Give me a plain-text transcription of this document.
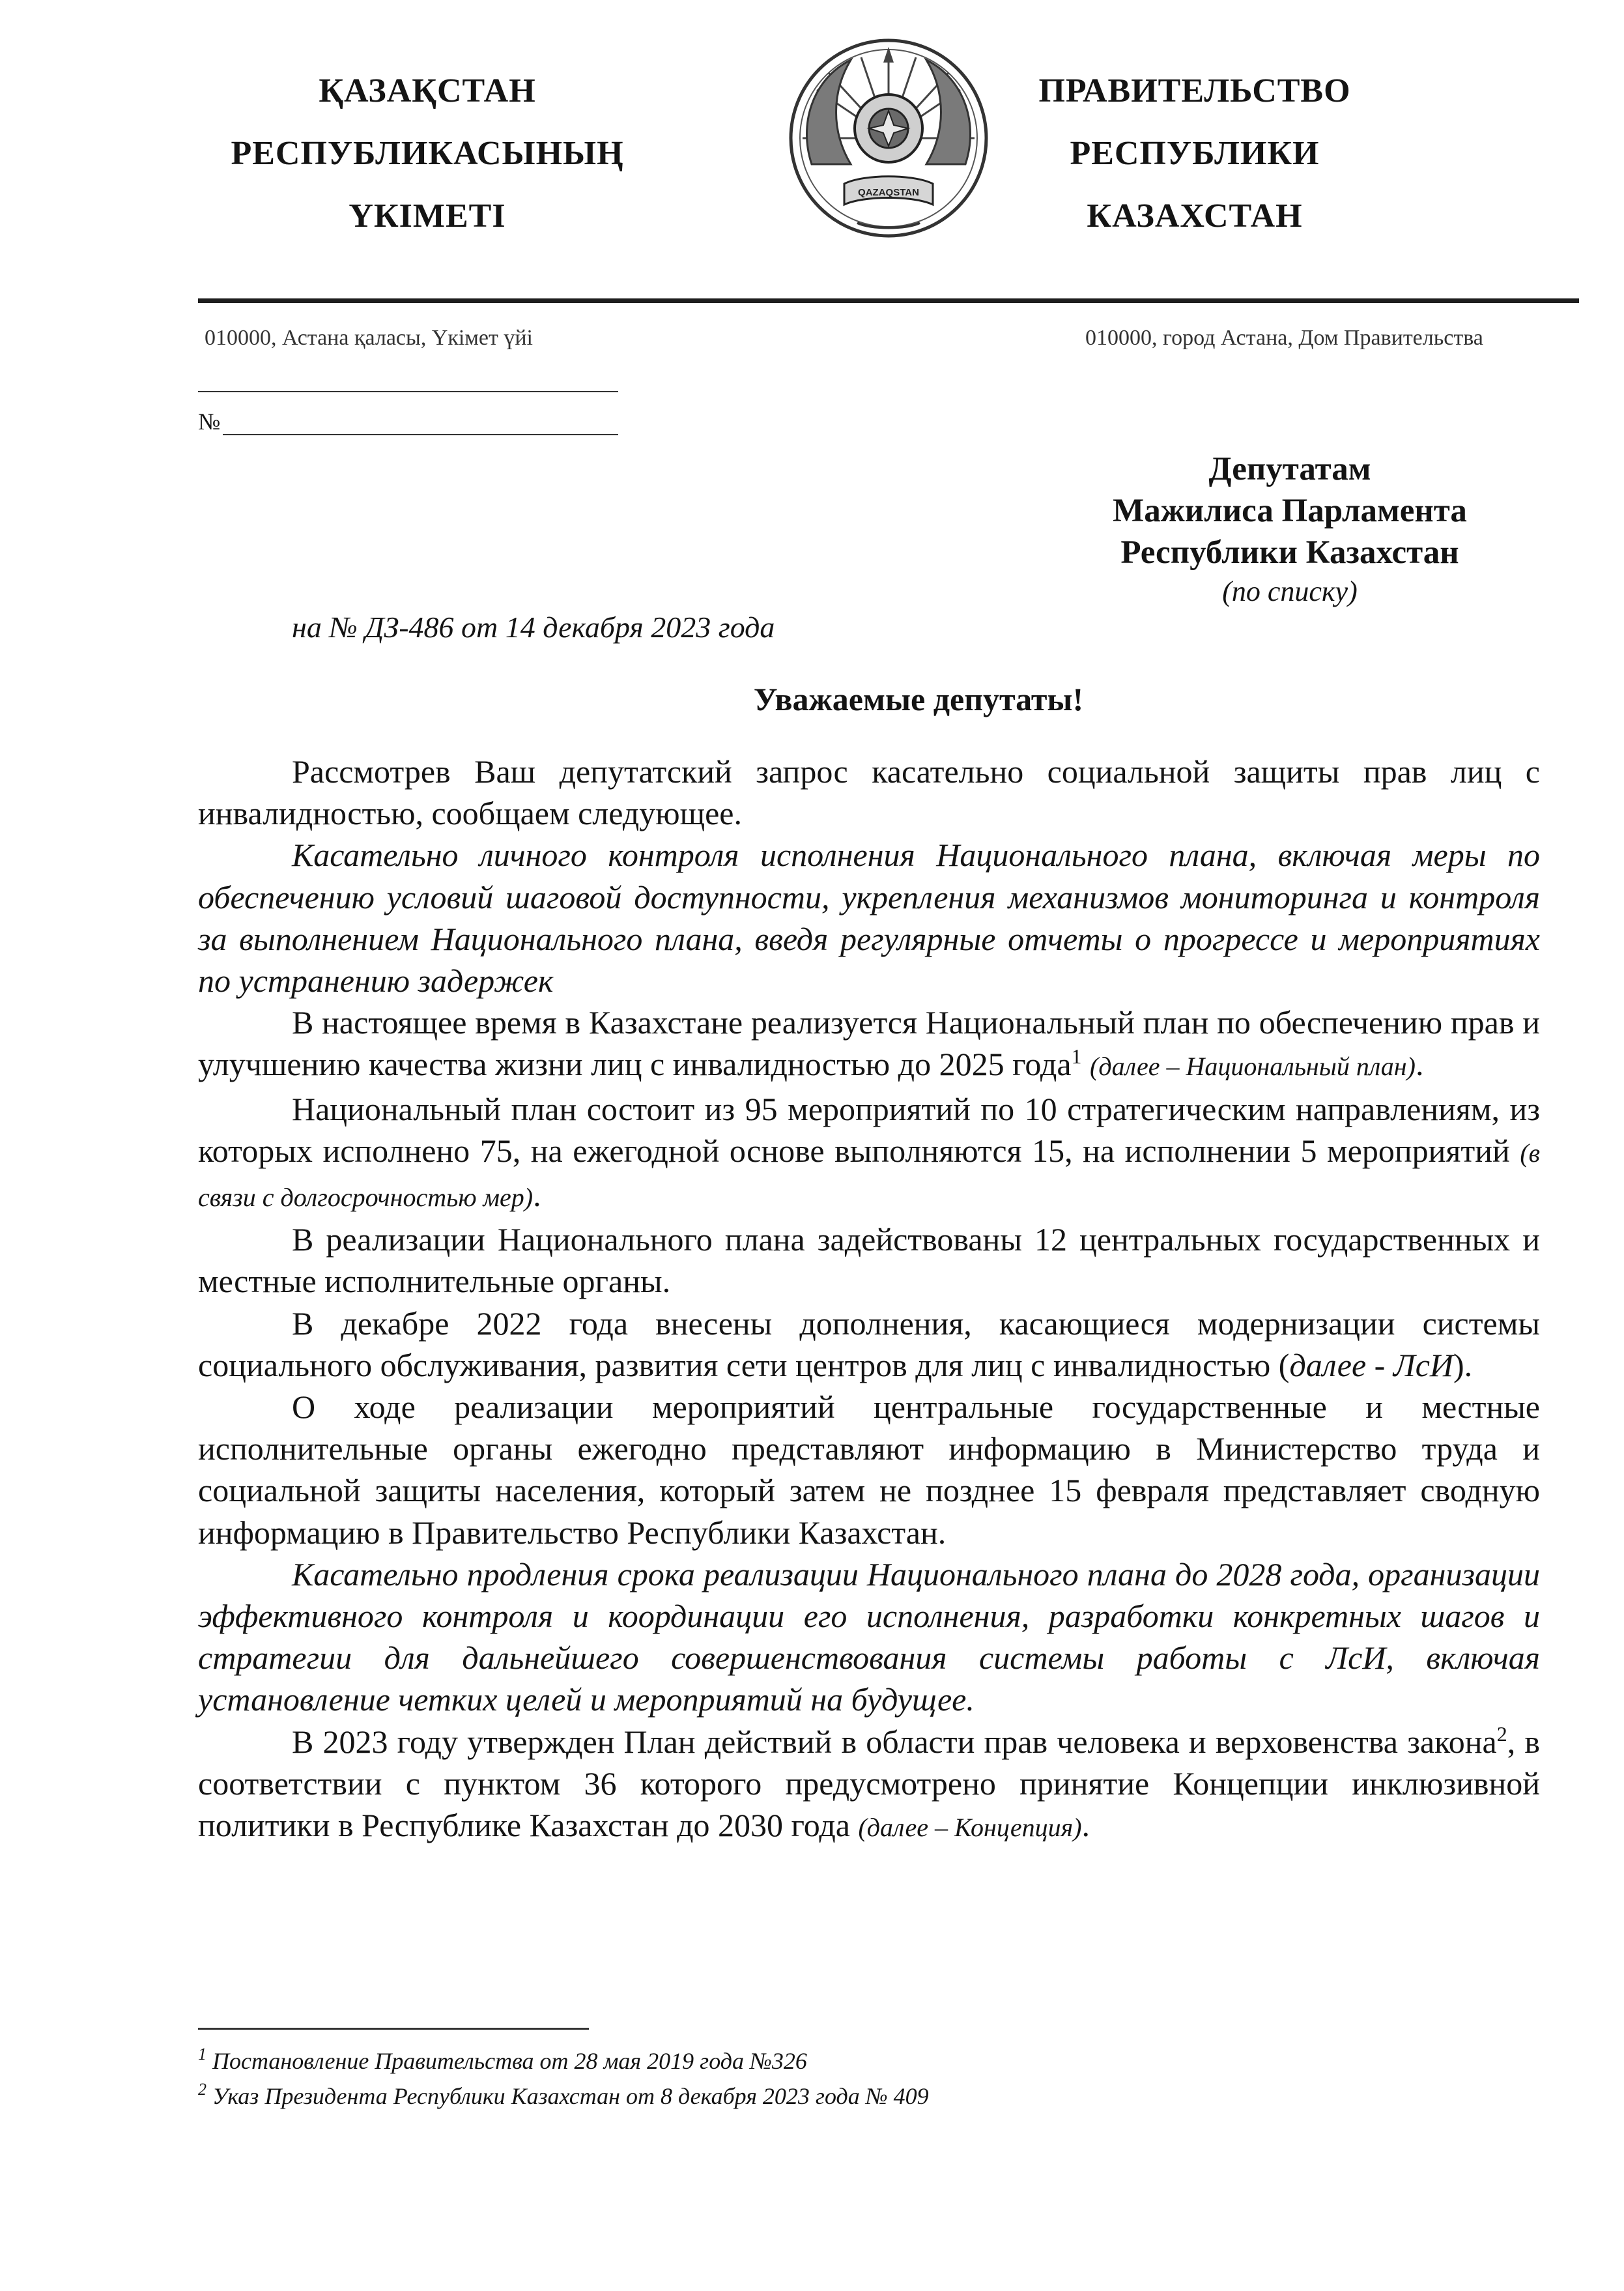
ҚАЗАҚСТАН
РЕСПУБЛИКАСЫНЫҢ
ҮКІМЕТІ
QAZAQSTAN
ПРАВИТЕЛЬСТВО
РЕСПУБЛИКИ
КАЗАХСТАН
010000, Астана қаласы, Үкімет үйі	010000, город Астана, Дом Правительства
№
Депутатам
Мажилиса Парламента
Республики Казахстан
(по списку)
на № ДЗ-486 от 14 декабря 2023 года
Уважаемые депутаты!

Рассмотрев Ваш депутатский запрос касательно социальной защиты прав лиц с инвалидностью, сообщаем следующее.

Касательно личного контроля исполнения Национального плана, включая меры по обеспечению условий шаговой доступности, укрепления механизмов мониторинга и контроля за выполнением Национального плана, введя регулярные отчеты о прогрессе и мероприятиях по устранению задержек

В настоящее время в Казахстане реализуется Национальный план по обеспечению прав и улучшению качества жизни лиц с инвалидностью до 2025 года$^1$ (далее – Национальный план).

Национальный план состоит из 95 мероприятий по 10 стратегическим направлениям, из которых исполнено 75, на ежегодной основе выполняются 15, на исполнении 5 мероприятий (в связи с долгосрочностью мер).

В реализации Национального плана задействованы 12 центральных государственных и местные исполнительные органы.

В декабре 2022 года внесены дополнения, касающиеся модернизации системы социального обслуживания, развития сети центров для лиц с инвалидностью (далее - ЛсИ).

О ходе реализации мероприятий центральные государственные и местные исполнительные органы ежегодно представляют информацию в Министерство труда и социальной защиты населения, который затем не позднее 15 февраля представляет сводную информацию в Правительство Республики Казахстан.

Касательно продления срока реализации Национального плана до 2028 года, организации эффективного контроля и координации его исполнения, разработки конкретных шагов и стратегии для дальнейшего совершенствования системы работы с ЛсИ, включая установление четких целей и мероприятий на будущее.

В 2023 году утвержден План действий в области прав человека и верховенства закона$^2$, в соответствии с пунктом 36 которого предусмотрено принятие Концепции инклюзивной политики в Республике Казахстан до 2030 года (далее – Концепция).

$^1$ Постановление Правительства от 28 мая 2019 года №326
$^2$ Указ Президента Республики Казахстан от 8 декабря 2023 года № 409
